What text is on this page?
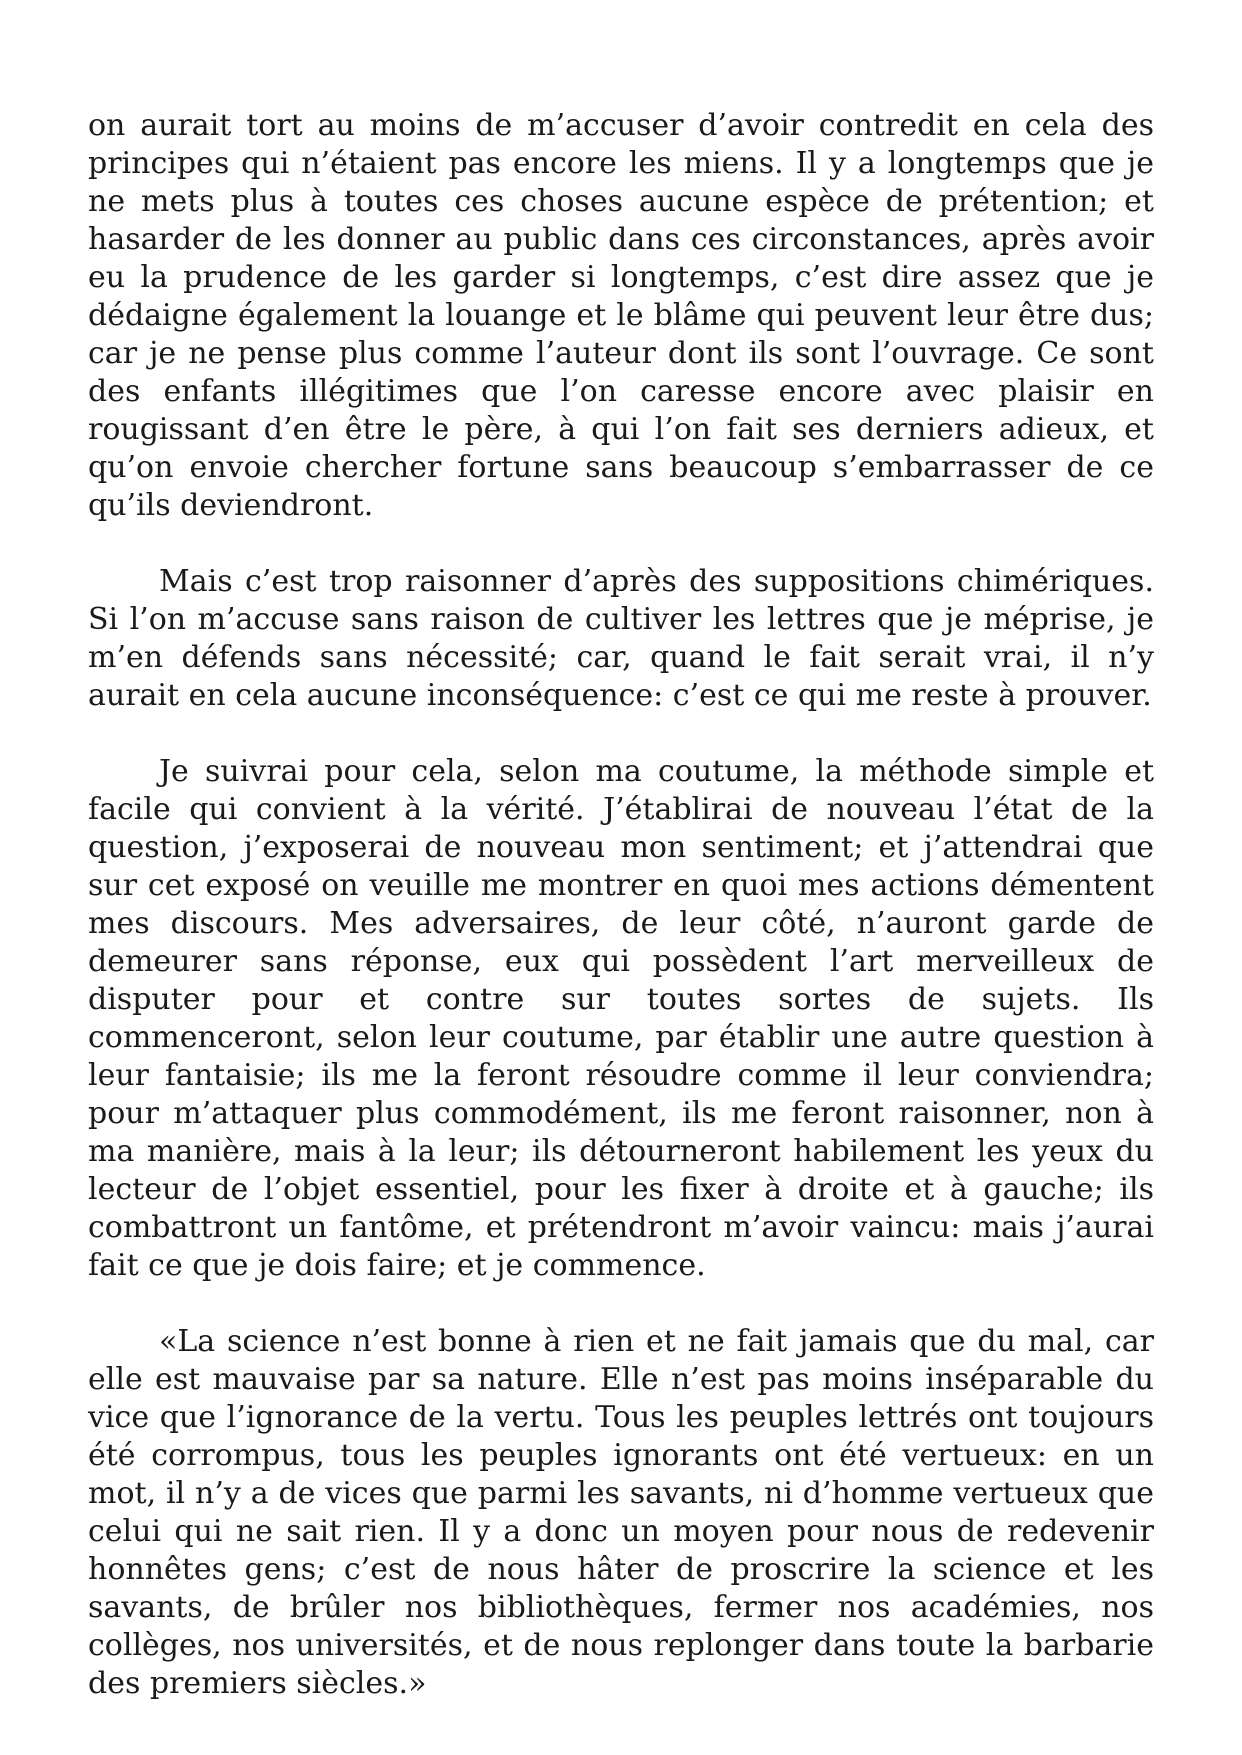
on aurait tort au moins de m’accuser d’avoir contredit en cela des principes qui n’étaient pas encore les miens. Il y a longtemps que je ne mets plus à toutes ces choses aucune espèce de prétention; et hasarder de les donner au public dans ces circonstances, après avoir eu la prudence de les garder si longtemps, c’est dire assez que je dédaigne également la louange et le blâme qui peuvent leur être dus; car je ne pense plus comme l’auteur dont ils sont l’ouvrage. Ce sont des enfants illégitimes que l’on caresse encore avec plaisir en rougissant d’en être le père, à qui l’on fait ses derniers adieux, et qu’on envoie chercher fortune sans beaucoup s’embarrasser de ce qu’ils deviendront.

Mais c’est trop raisonner d’après des suppositions chimériques. Si l’on m’accuse sans raison de cultiver les lettres que je méprise, je m’en défends sans nécessité; car, quand le fait serait vrai, il n’y aurait en cela aucune inconséquence: c’est ce qui me reste à prouver.

Je suivrai pour cela, selon ma coutume, la méthode simple et facile qui convient à la vérité. J’établirai de nouveau l’état de la question, j’exposerai de nouveau mon sentiment; et j’attendrai que sur cet exposé on veuille me montrer en quoi mes actions démentent mes discours. Mes adversaires, de leur côté, n’auront garde de demeurer sans réponse, eux qui possèdent l’art merveilleux de disputer pour et contre sur toutes sortes de sujets. Ils commenceront, selon leur coutume, par établir une autre question à leur fantaisie; ils me la feront résoudre comme il leur conviendra; pour m’attaquer plus commodément, ils me feront raisonner, non à ma manière, mais à la leur; ils détourneront habilement les yeux du lecteur de l’objet essentiel, pour les fixer à droite et à gauche; ils combattront un fantôme, et prétendront m’avoir vaincu: mais j’aurai fait ce que je dois faire; et je commence.

«La science n’est bonne à rien et ne fait jamais que du mal, car elle est mauvaise par sa nature. Elle n’est pas moins inséparable du vice que l’ignorance de la vertu. Tous les peuples lettrés ont toujours été corrompus, tous les peuples ignorants ont été vertueux: en un mot, il n’y a de vices que parmi les savants, ni d’homme vertueux que celui qui ne sait rien. Il y a donc un moyen pour nous de redevenir honnêtes gens; c’est de nous hâter de proscrire la science et les savants, de brûler nos bibliothèques, fermer nos académies, nos collèges, nos universités, et de nous replonger dans toute la barbarie des premiers siècles.»
